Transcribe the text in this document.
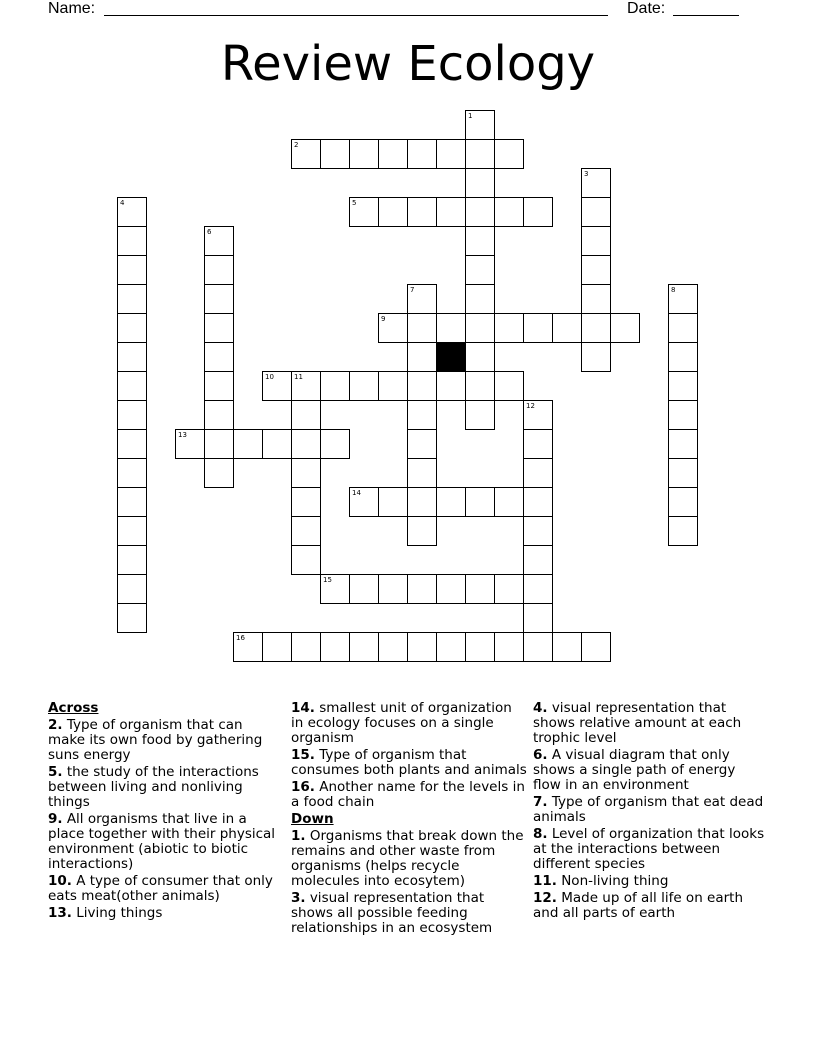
Name:	Date:
Review Ecology
1
2
3
4	5
6
7	8
9
10	11
12
13
14
15
16
Across
2. Type of organism that can make its own food by gathering suns energy
5. the study of the interactions between living and nonliving things
9. All organisms that live in a place together with their physical environment (abiotic to biotic interactions)
10. A type of consumer that only eats meat(other animals)
13. Living things
14. smallest unit of organization in ecology focuses on a single organism
15. Type of organism that consumes both plants and animals
16. Another name for the levels in a food chain
Down
1. Organisms that break down the remains and other waste from organisms (helps recycle molecules into ecosytem)
3. visual representation that shows all possible feeding relationships in an ecosystem
4. visual representation that shows relative amount at each trophic level
6. A visual diagram that only shows a single path of energy flow in an environment
7. Type of organism that eat dead animals
8. Level of organization that looks at the interactions between different species
11. Non-living thing
12. Made up of all life on earth and all parts of earth
